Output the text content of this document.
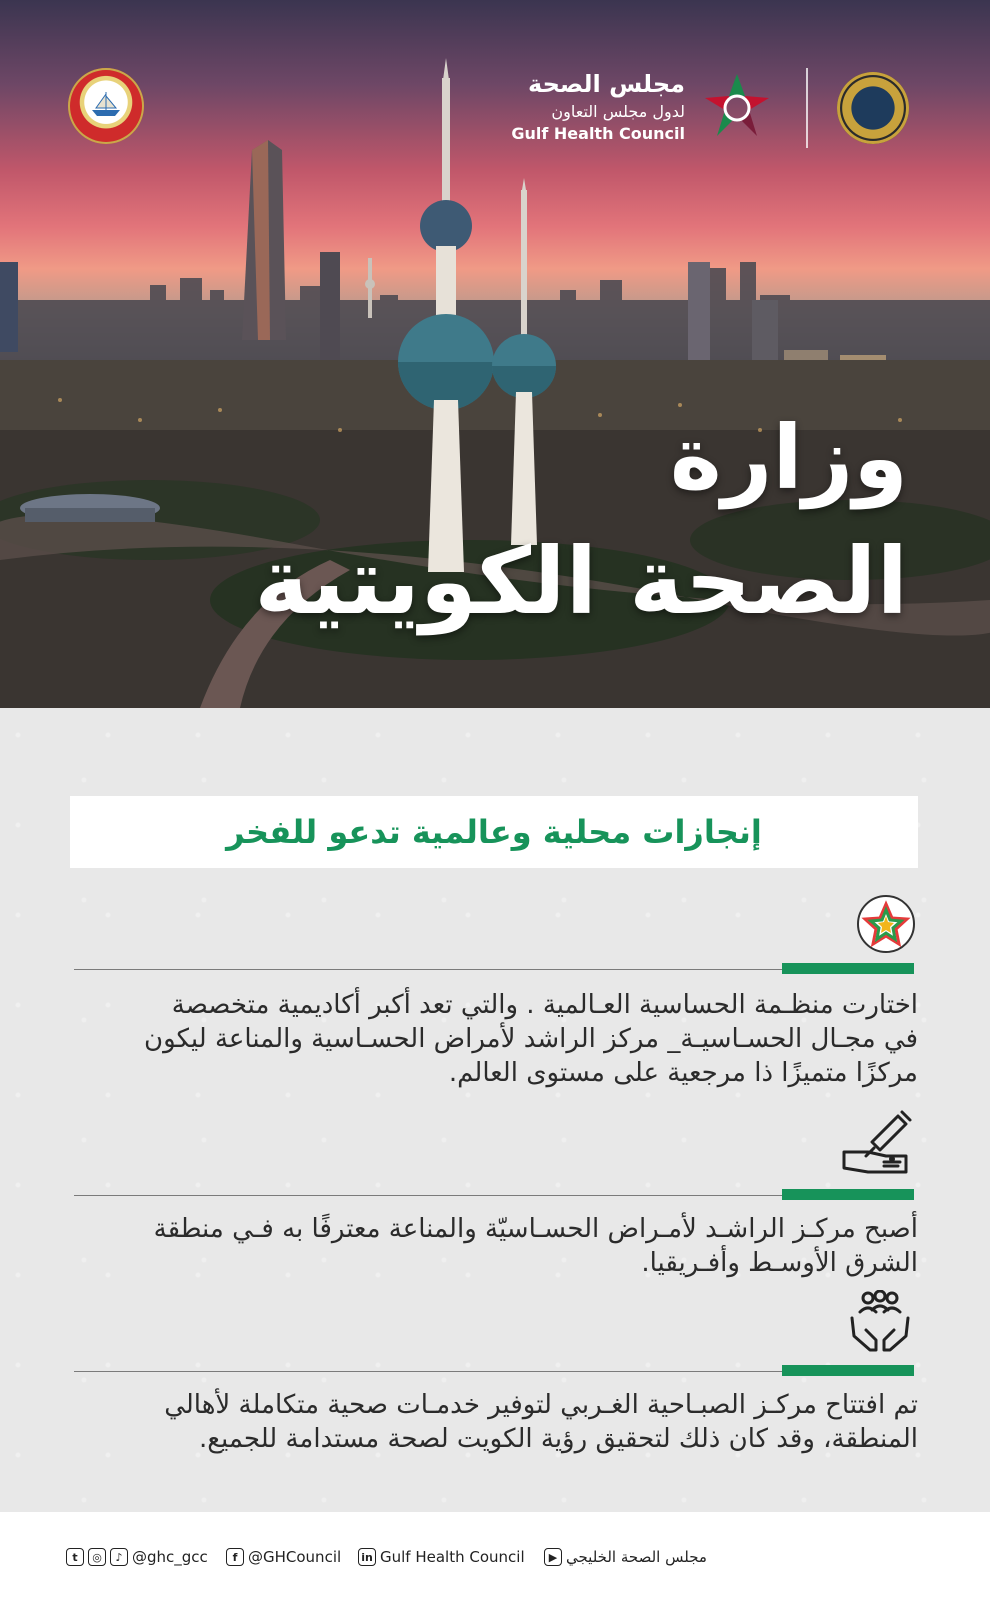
مجلس الصحة
لدول مجلس التعاون
Gulf Health Council
وزارة
الصحة الكويتية
إنجازات محلية وعالمية تدعو للفخر
اختارت منظـمة الحساسية العـالمية . والتي تعد أكبر أكاديمية متخصصة
في مجـال الحسـاسيـة_ مركز الراشد لأمراض الحسـاسية والمناعة ليكون
مركزًا متميزًا ذا مرجعية على مستوى العالم.
أصبح مركـز الراشـد لأمـراض الحسـاسيّة والمناعة معترفًا به فـي منطقة
الشرق الأوسـط وأفـريقيا.
تم افتتاح مركـز الصبـاحية الغـربي لتوفير خدمـات صحية متكاملة لأهالي
المنطقة، وقد كان ذلك لتحقيق رؤية الكويت لصحة مستدامة للجميع.
t	◎	♪ @ghc_gcc	f @GHCouncil in Gulf Health Council	▶ مجلس الصحة الخليجي
